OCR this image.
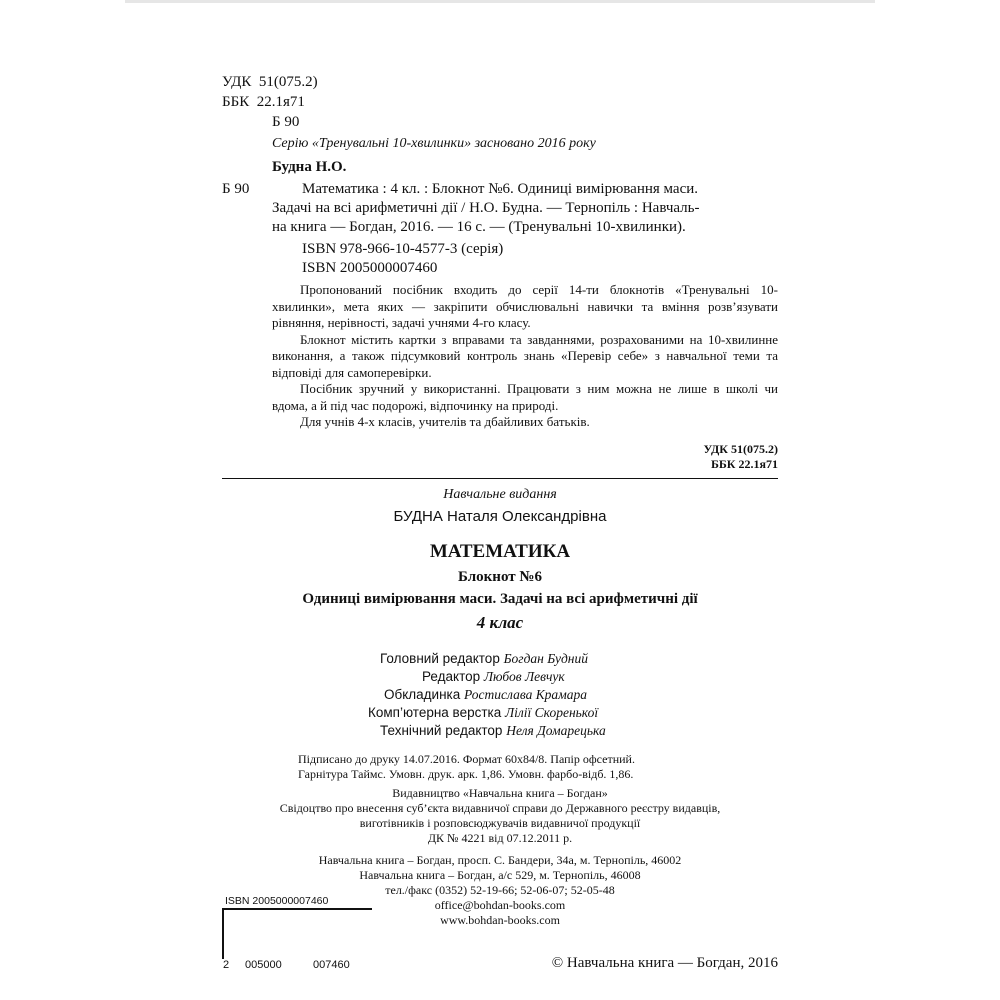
УДК 51(075.2)
ББК 22.1я71
Б 90
Серію «Тренувальні 10-хвилинки» засновано 2016 року
Будна Н.О.
Б 90	Математика : 4 кл. : Блокнот №6. Одиниці вимірювання маси.
Задачі на всі арифметичні дії / Н.О. Будна. — Тернопіль : Навчаль-
на книга — Богдан, 2016. — 16 с. — (Тренувальні 10-хвилинки).
ISBN 978-966-10-4577-3 (серія)
ISBN 2005000007460

Пропонований посібник входить до серії 14-ти блокнотів «Тренувальні 10-хвилинки», мета яких — закріпити обчислювальні навички та вміння розв’язувати рівняння, нерівності, задачі учнями 4-го класу.

Блокнот містить картки з вправами та завданнями, розрахованими на 10-хвилинне виконання, а також підсумковий контроль знань «Перевір себе» з навчальної теми та відповіді для самоперевірки.

Посібник зручний у використанні. Працювати з ним можна не лише в школі чи вдома, а й під час подорожі, відпочинку на природі.

Для учнів 4-х класів, учителів та дбайливих батьків.

УДК 51(075.2)
ББК 22.1я71
Навчальне видання
БУДНА Наталя Олександрівна
МАТЕМАТИКА
Блокнот №6
Одиниці вимірювання маси. Задачі на всі арифметичні дії
4 клас
Головний редактор Богдан Будний
Редактор Любов Левчук
Обкладинка Ростислава Крамара
Комп’ютерна верстка Лілії Скоренької
Технічний редактор Неля Домарецька
Підписано до друку 14.07.2016. Формат 60х84/8. Папір офсетний.
Гарнітура Таймс. Умовн. друк. арк. 1,86. Умовн. фарбо-відб. 1,86.
Видавництво «Навчальна книга – Богдан»
Свідоцтво про внесення суб’єкта видавничої справи до Державного реєстру видавців,
виготівників і розповсюджувачів видавничої продукції
ДК № 4221 від 07.12.2011 р.
Навчальна книга – Богдан, просп. С. Бандери, 34а, м. Тернопіль, 46002
Навчальна книга – Богдан, а/с 529, м. Тернопіль, 46008
тел./факс (0352) 52-19-66; 52-06-07; 52-05-48
office@bohdan-books.com
www.bohdan-books.com
ISBN 2005000007460
2 005000	007460	© Навчальна книга — Богдан, 2016
